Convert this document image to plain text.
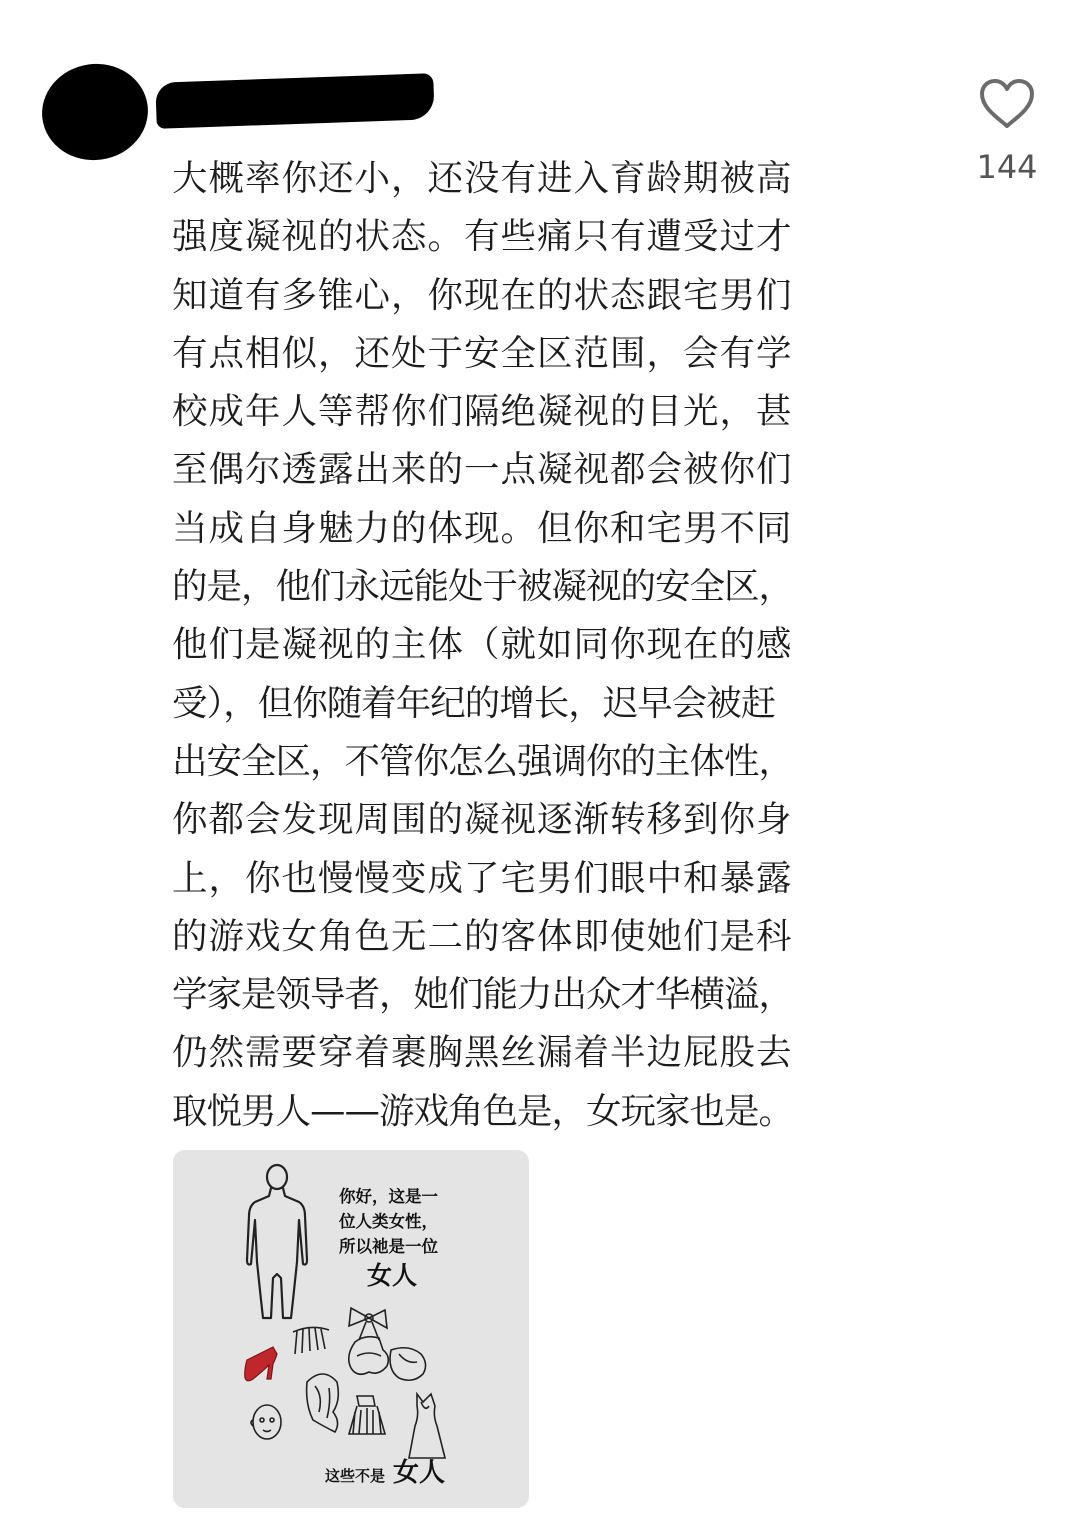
144
大概率你还小，还没有进入育龄期被高
强度凝视的状态。有些痛只有遭受过才
知道有多锥心，你现在的状态跟宅男们
有点相似，还处于安全区范围，会有学
校成年人等帮你们隔绝凝视的目光，甚
至偶尔透露出来的一点凝视都会被你们
当成自身魅力的体现。但你和宅男不同
的是，他们永远能处于被凝视的安全区，
他们是凝视的主体（就如同你现在的感
受），但你随着年纪的增长，迟早会被赶
出安全区，不管你怎么强调你的主体性，
你都会发现周围的凝视逐渐转移到你身
上，你也慢慢变成了宅男们眼中和暴露
的游戏女角色无二的客体即使她们是科
学家是领导者，她们能力出众才华横溢，
仍然需要穿着裹胸黑丝漏着半边屁股去
取悦男人——游戏角色是，女玩家也是。
你好，这是一
位人类女性，
所以祂是一位
女人
这些不是 女人
